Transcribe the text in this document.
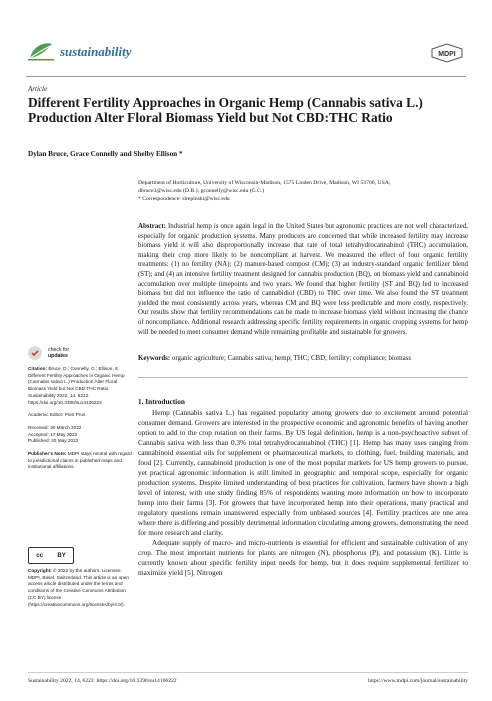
sustainability	MDPI
Article
Different Fertility Approaches in Organic Hemp (Cannabis sativa L.) Production Alter Floral Biomass Yield but Not CBD:THC Ratio
Dylan Bruce, Grace Connelly and Shelby Ellison *
Department of Horticulture, University of Wisconsin-Madison, 1575 Linden Drive, Madison, WI 53706, USA;
dbruce3@wisc.edu (D.B.); gconnelly@wisc.edu (G.C.)
* Correspondence: slrepinski@wisc.edu
Abstract: Industrial hemp is once again legal in the United States but agronomic practices are not well characterized, especially for organic production systems. Many producers are concerned that while increased fertility may increase biomass yield it will also disproportionally increase that rate of total tetrahydrocannabinol (THC) accumulation, making their crop more likely to be noncompliant at harvest. We measured the effect of four organic fertility treatments: (1) no fertility (NA); (2) manure-based compost (CM); (3) an industry-standard organic fertilizer blend (ST); and (4) an intensive fertility treatment designed for cannabis production (BQ), on biomass yield and cannabinoid accumulation over multiple timepoints and two years. We found that higher fertility (ST and BQ) led to increased biomass but did not influence the ratio of cannabidiol (CBD) to THC over time. We also found the ST treatment yielded the most consistently across years, whereas CM and BQ were less predictable and more costly, respectively. Our results show that fertility recommendations can be made to increase biomass yield without increasing the chance of noncompliance. Additional research addressing specific fertility requirements in organic cropping systems for hemp will be needed to meet consumer demand while remaining profitable and sustainable for growers.
Keywords: organic agriculture; Cannabis sativa; hemp; THC; CBD; fertility; compliance; biomass
check for
updates

Citation: Bruce, D.; Connelly, G.; Ellison, S. Different Fertility Approaches in Organic Hemp (Cannabis sativa L.) Production Alter Floral Biomass Yield but Not CBD:THC Ratio. Sustainability 2022, 14, 6222. https://doi.org/10.3390/su14106222

Academic Editor: Piotr Prus

Received: 30 March 2022

Accepted: 17 May 2022

Published: 20 May 2022

Publisher's Note: MDPI stays neutral with regard to jurisdictional claims in published maps and institutional affiliations.

cc BY

Copyright: © 2022 by the authors. Licensee MDPI, Basel, Switzerland. This article is an open access article distributed under the terms and conditions of the Creative Commons Attribution (CC BY) license (https://creativecommons.org/licenses/by/4.0/).

1. Introduction

Hemp (Cannabis sativa L.) has regained popularity among growers due to excitement around potential consumer demand. Growers are interested in the prospective economic and agronomic benefits of having another option to add to the crop rotation on their farms. By US legal definition, hemp is a non-psychoactive subset of Cannabis sativa with less than 0.3% total tetrahydrocannabinol (THC) [1]. Hemp has many uses ranging from cannabinoid essential oils for supplement or pharmaceutical markets, to clothing, fuel, building materials, and food [2]. Currently, cannabinoid production is one of the most popular markets for US hemp growers to pursue, yet practical agronomic information is still limited in geographic and temporal scope, especially for organic production systems. Despite limited understanding of best practices for cultivation, farmers have shown a high level of interest, with one study finding 85% of respondents wanting more information on how to incorporate hemp into their farms [3]. For growers that have incorporated hemp into their operations, many practical and regulatory questions remain unanswered especially from unbiased sources [4]. Fertility practices are one area where there is differing and possibly detrimental information circulating among growers, demonstrating the need for more research and clarity.

Adequate supply of macro- and micro-nutrients is essential for efficient and sustainable cultivation of any crop. The most important nutrients for plants are nitrogen (N), phosphorus (P), and potassium (K). Little is currently known about specific fertility input needs for hemp, but it does require supplemental fertilizer to maximize yield [5]. Nitrogen

Sustainability 2022, 14, 6222. https://doi.org/10.3390/su14106222	https://www.mdpi.com/journal/sustainability
